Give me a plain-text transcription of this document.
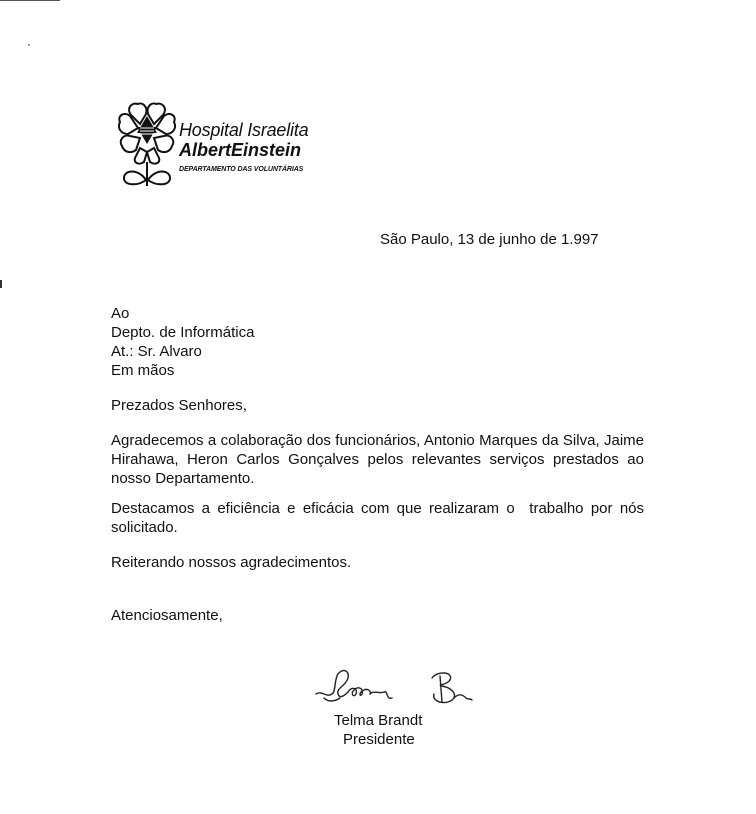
Hospital Israelita
AlbertEinstein
DEPARTAMENTO DAS VOLUNTÁRIAS
São Paulo, 13 de junho de 1.997
Ao
Depto. de Informática
At.: Sr. Alvaro
Em mãos
Prezados Senhores,
Agradecemos a colaboração dos funcionários, Antonio Marques da Silva, Jaime Hirahawa, Heron Carlos Gonçalves pelos relevantes serviços prestados ao nosso Departamento.
Destacamos a eficiência e eficácia com que realizaram o  trabalho por nós solicitado.
Reiterando nossos agradecimentos.
Atenciosamente,
Telma Brandt
Presidente
